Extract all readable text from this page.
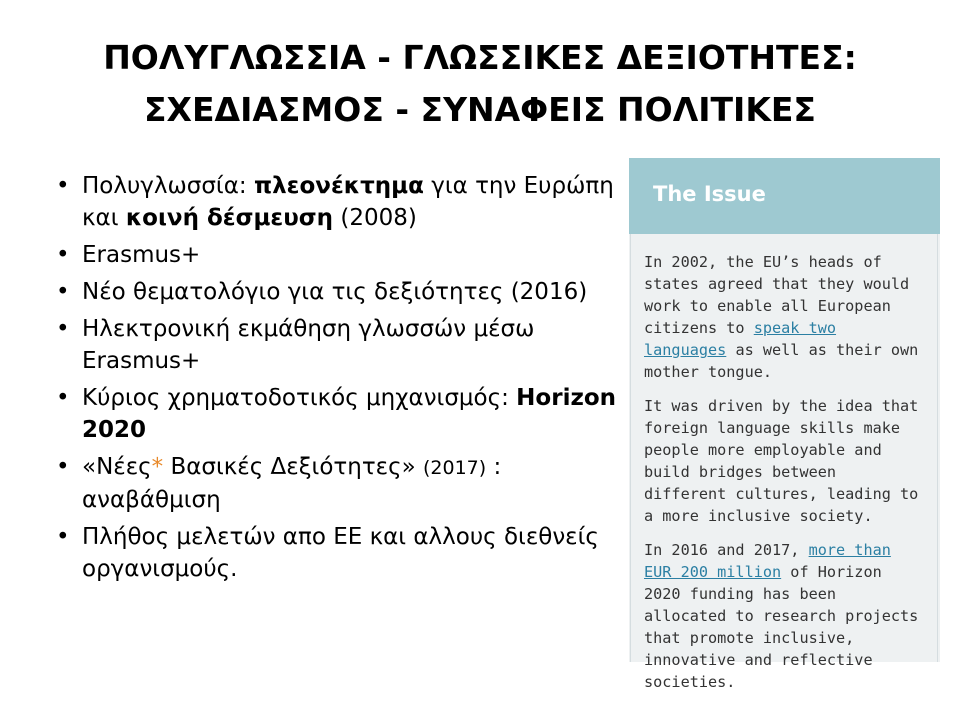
ΠΟΛΥΓΛΩΣΣΙΑ - ΓΛΩΣΣΙΚΕΣ ΔΕΞΙΟΤΗΤΕΣ:
ΣΧΕΔΙΑΣΜΟΣ - ΣΥΝΑΦΕΙΣ ΠΟΛΙΤΙΚΕΣ
• Πολυγλωσσία: πλεονέκτημα για την Ευρώπη και κοινή δέσμευση (2008)
• Erasmus+
• Νέο θεματολόγιο για τις δεξιότητες (2016)
• Ηλεκτρονική εκμάθηση γλωσσών μέσω Erasmus+
• Κύριος χρηματοδοτικός μηχανισμός: Horizon 2020
• «Νέες* Βασικές Δεξιότητες» (2017) : αναβάθμιση
• Πλήθος μελετών απο ΕΕ και αλλους διεθνείς οργανισμούς.
The Issue

In 2002, the EU’s heads of states agreed that they would work to enable all European citizens to speak two languages as well as their own mother tongue.

It was driven by the idea that foreign language skills make people more employable and build bridges between different cultures, leading to a more inclusive society.

In 2016 and 2017, more than EUR 200 million of Horizon 2020 funding has been allocated to research projects that promote inclusive, innovative and reflective societies.
